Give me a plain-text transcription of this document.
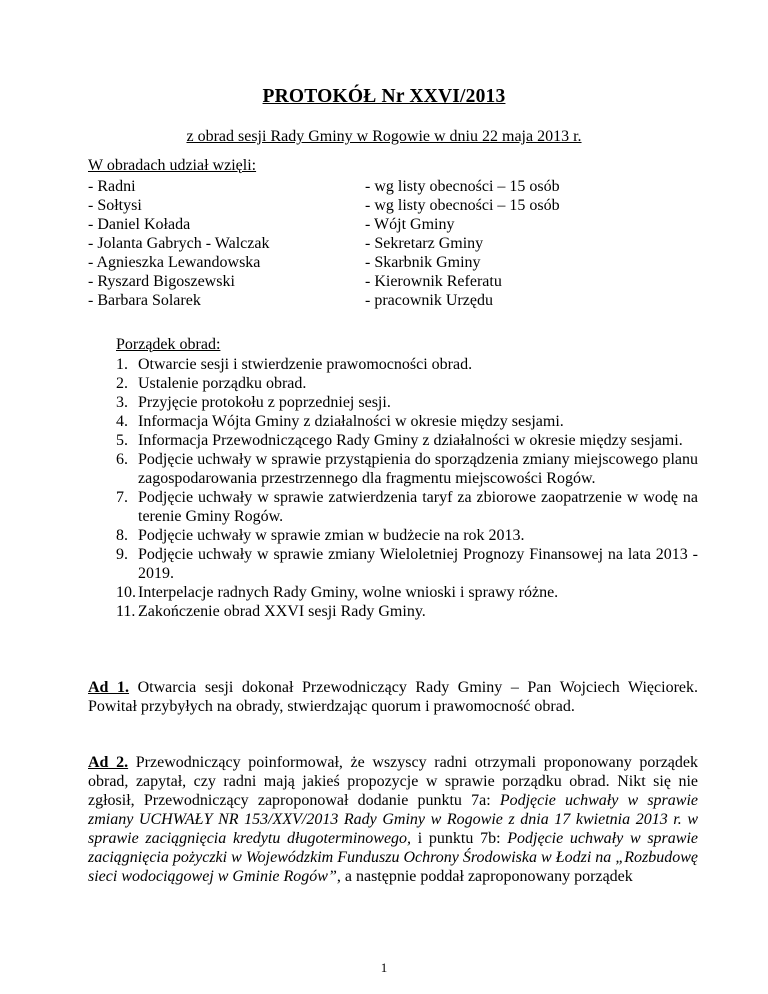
PROTOKÓŁ Nr XXVI/2013
z obrad sesji Rady Gminy w Rogowie w dniu 22 maja 2013 r.
W obradach udział wzięli:
- Radni
- Sołtysi
- Daniel Kołada
- Jolanta Gabrych - Walczak
- Agnieszka Lewandowska
- Ryszard Bigoszewski
- Barbara Solarek
- wg listy obecności – 15 osób
- wg listy obecności – 15 osób
- Wójt Gminy
- Sekretarz Gminy
- Skarbnik Gminy
- Kierownik Referatu
- pracownik Urzędu
Porządek obrad:
1. Otwarcie sesji i stwierdzenie prawomocności obrad.
2. Ustalenie porządku obrad.
3. Przyjęcie protokołu z poprzedniej sesji.
4. Informacja Wójta Gminy z działalności w okresie między sesjami.
5. Informacja Przewodniczącego Rady Gminy z działalności w okresie między sesjami.
6. Podjęcie uchwały w sprawie przystąpienia do sporządzenia zmiany miejscowego planu zagospodarowania przestrzennego dla fragmentu miejscowości Rogów.
7. Podjęcie uchwały w sprawie zatwierdzenia taryf za zbiorowe zaopatrzenie w wodę na terenie Gminy Rogów.
8. Podjęcie uchwały w sprawie zmian w budżecie na rok 2013.
9. Podjęcie uchwały w sprawie zmiany Wieloletniej Prognozy Finansowej na lata 2013 - 2019.
10. Interpelacje radnych Rady Gminy, wolne wnioski i sprawy różne.
11. Zakończenie obrad XXVI sesji Rady Gminy.
Ad 1. Otwarcia sesji dokonał Przewodniczący Rady Gminy – Pan Wojciech Więciorek. Powitał przybyłych na obrady, stwierdzając quorum i prawomocność obrad.
Ad 2. Przewodniczący poinformował, że wszyscy radni otrzymali proponowany porządek obrad, zapytał, czy radni mają jakieś propozycje w sprawie porządku obrad. Nikt się nie zgłosił, Przewodniczący zaproponował dodanie punktu 7a: Podjęcie uchwały w sprawie zmiany UCHWAŁY NR 153/XXV/2013 Rady Gminy w Rogowie z dnia 17 kwietnia 2013 r. w sprawie zaciągnięcia kredytu długoterminowego, i punktu 7b: Podjęcie uchwały w sprawie zaciągnięcia pożyczki w Wojewódzkim Funduszu Ochrony Środowiska w Łodzi na „Rozbudowę sieci wodociągowej w Gminie Rogów”, a następnie poddał zaproponowany porządek
1
